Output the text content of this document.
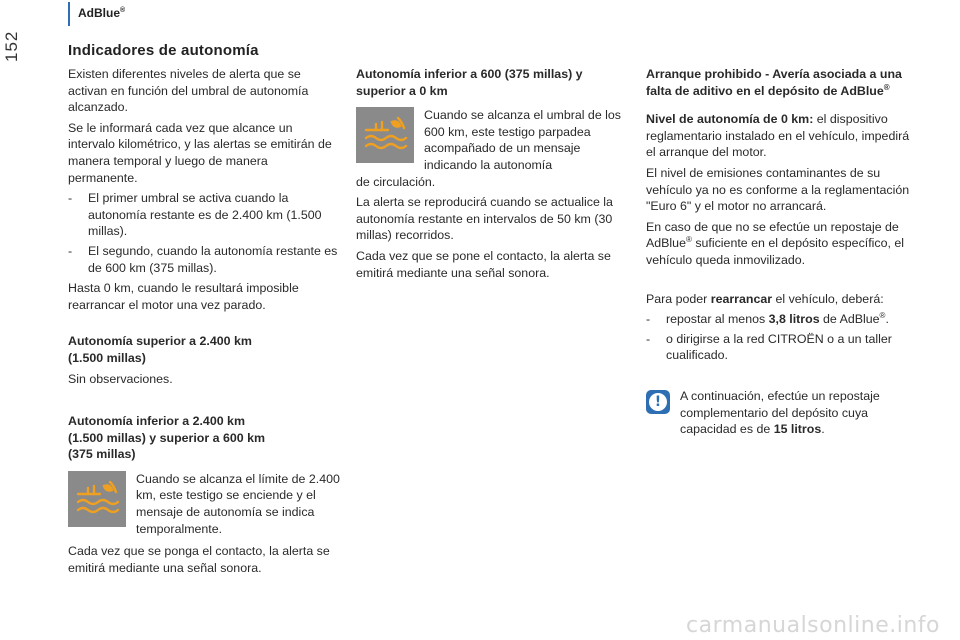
AdBlue®
152	Indicadores de autonomía

Existen diferentes niveles de alerta que se activan en función del umbral de autonomía alcanzado.

Se le informará cada vez que alcance un intervalo kilométrico, y las alertas se emitirán de manera temporal y luego de manera permanente.

- El primer umbral se activa cuando la autonomía restante es de 2.400 km (1.500 millas).
- El segundo, cuando la autonomía restante es de 600 km (375 millas).

Hasta 0 km, cuando le resultará imposible rearrancar el motor una vez parado.

Autonomía superior a 2.400 km
(1.500 millas)

Sin observaciones.

Autonomía inferior a 2.400 km
(1.500 millas) y superior a 600 km
(375 millas)

Cuando se alcanza el límite de 2.400 km, este testigo se enciende y el mensaje de autonomía se indica temporalmente.

Cada vez que se ponga el contacto, la alerta se emitirá mediante una señal sonora.

Autonomía inferior a 600 (375 millas) y
superior a 0 km

Cuando se alcanza el umbral de los 600 km, este testigo parpadea acompañado de un mensaje indicando la autonomía

de circulación.

La alerta se reproducirá cuando se actualice la autonomía restante en intervalos de 50 km (30 millas) recorridos.

Cada vez que se pone el contacto, la alerta se emitirá mediante una señal sonora.

Arranque prohibido - Avería asociada a una
falta de aditivo en el depósito de AdBlue®

Nivel de autonomía de 0 km: el dispositivo reglamentario instalado en el vehículo, impedirá el arranque del motor.

El nivel de emisiones contaminantes de su vehículo ya no es conforme a la reglamentación "Euro 6" y el motor no arrancará.

En caso de que no se efectúe un repostaje de AdBlue® suficiente en el depósito específico, el vehículo queda inmovilizado.

Para poder rearrancar el vehículo, deberá:

- repostar al menos 3,8 litros de AdBlue®.
- o dirigirse a la red CITROËN o a un taller cualificado.
!	A continuación, efectúe un repostaje complementario del depósito cuya capacidad es de 15 litros.
carmanualsonline.info
